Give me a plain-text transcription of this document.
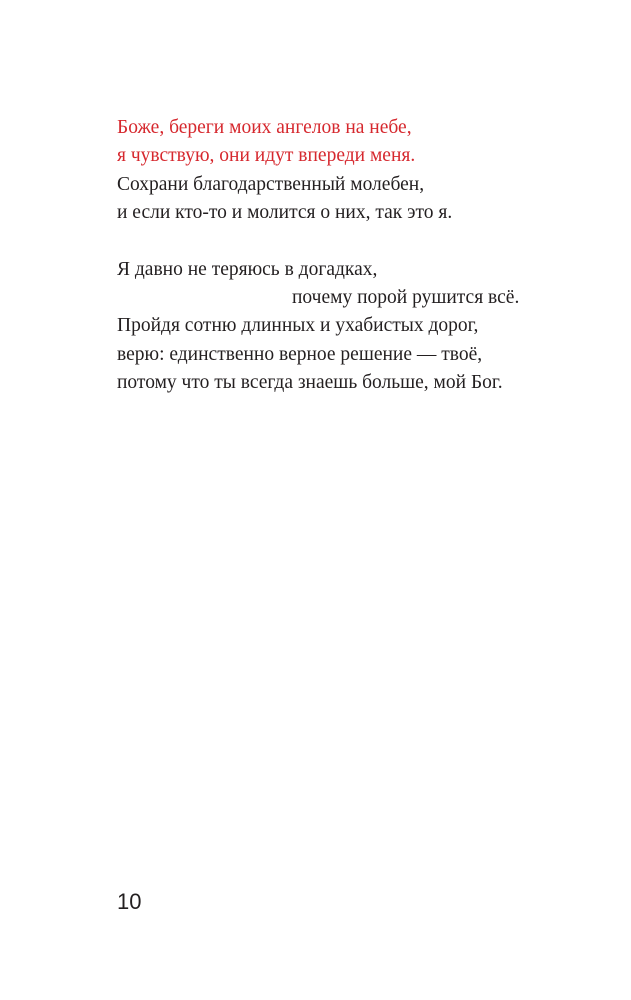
Боже, береги моих ангелов на небе,
я чувствую, они идут впереди меня.
Сохрани благодарственный молебен,
и если кто-то и молится о них, так это я.
Я давно не теряюсь в догадках,
почему порой рушится всё.
Пройдя сотню длинных и ухабистых дорог,
верю: единственно верное решение — твоё,
потому что ты всегда знаешь больше, мой Бог.
10
